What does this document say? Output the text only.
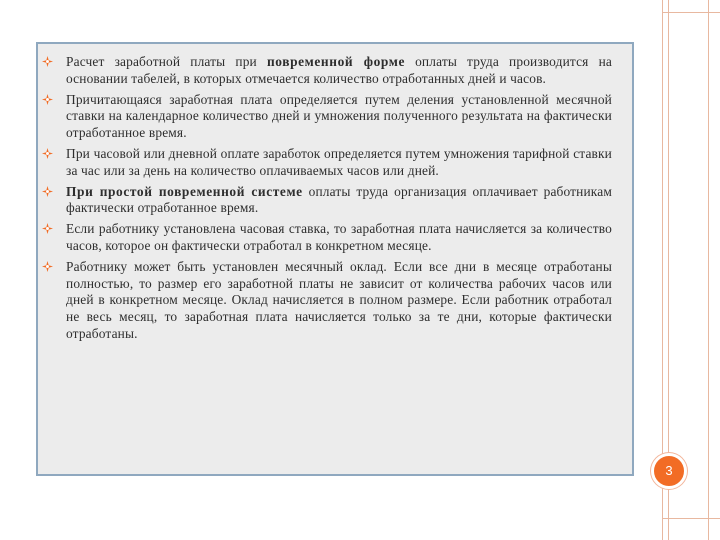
Расчет заработной платы при повременной форме оплаты труда производится на основании табелей, в которых отмечается количество отработанных дней и часов.
Причитающаяся заработная плата определяется путем деления установленной месячной ставки на календарное количество дней и умножения полученного результата на фактически отработанное время.
При часовой или дневной оплате заработок определяется путем умножения тарифной ставки за час или за день на количество оплачиваемых часов или дней.
При простой повременной системе оплаты труда организация оплачивает работникам фактически отработанное время.
Если работнику установлена часовая ставка, то заработная плата начисляется за количество часов, которое он фактически отработал в конкретном месяце.
Работнику может быть установлен месячный оклад. Если все дни в месяце отработаны полностью, то размер его заработной платы не зависит от количества рабочих часов или дней в конкретном месяце. Оклад начисляется в полном размере. Если работник отработал не весь месяц, то заработная плата начисляется только за те дни, которые фактически отработаны.
3
